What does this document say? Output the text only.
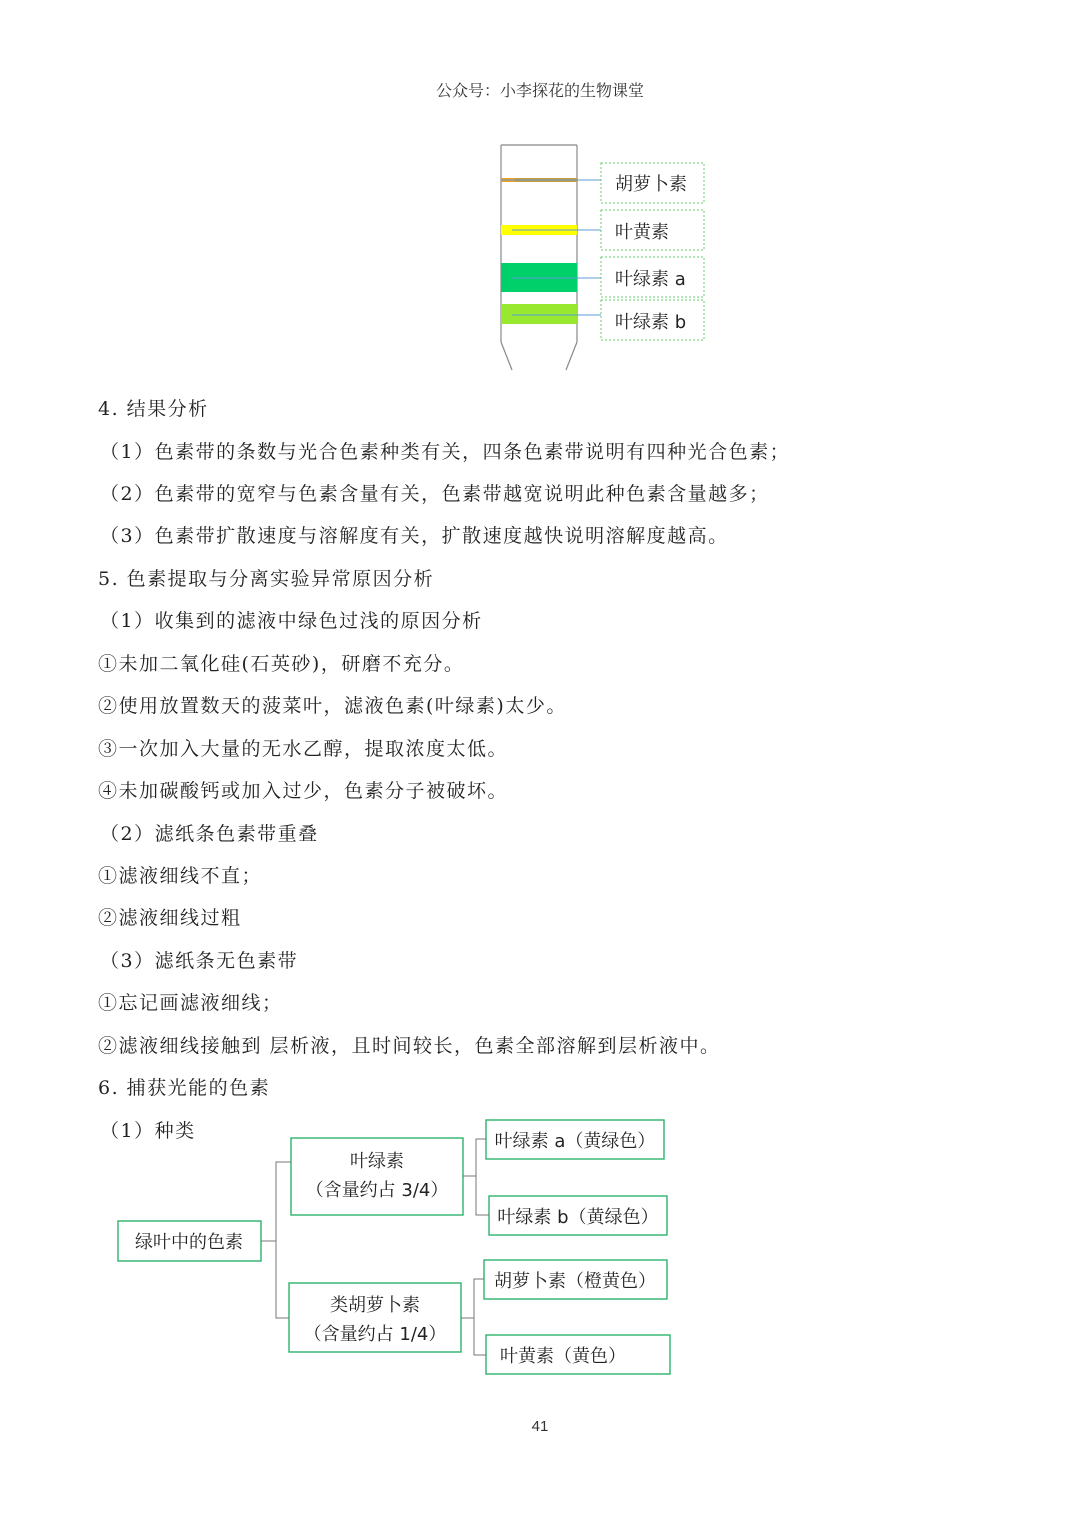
公众号：小李探花的生物课堂
胡萝卜素
叶黄素
叶绿素 a
叶绿素 b
4. 结果分析
（1）色素带的条数与光合色素种类有关，四条色素带说明有四种光合色素；
（2）色素带的宽窄与色素含量有关，色素带越宽说明此种色素含量越多；
（3）色素带扩散速度与溶解度有关，扩散速度越快说明溶解度越高。
5. 色素提取与分离实验异常原因分析
（1）收集到的滤液中绿色过浅的原因分析
①未加二氧化硅(石英砂)，研磨不充分。
②使用放置数天的菠菜叶，滤液色素(叶绿素)太少。
③一次加入大量的无水乙醇，提取浓度太低。
④未加碳酸钙或加入过少，色素分子被破坏。
（2）滤纸条色素带重叠
①滤液细线不直；
②滤液细线过粗
（3）滤纸条无色素带
①忘记画滤液细线；
②滤液细线接触到 层析液，且时间较长，色素全部溶解到层析液中。
6. 捕获光能的色素
（1）种类
绿叶中的色素
叶绿素
（含量约占 3/4）
类胡萝卜素
（含量约占 1/4）
叶绿素 a（黄绿色）
叶绿素 b（黄绿色）
胡萝卜素（橙黄色）
叶黄素（黄色）
41
